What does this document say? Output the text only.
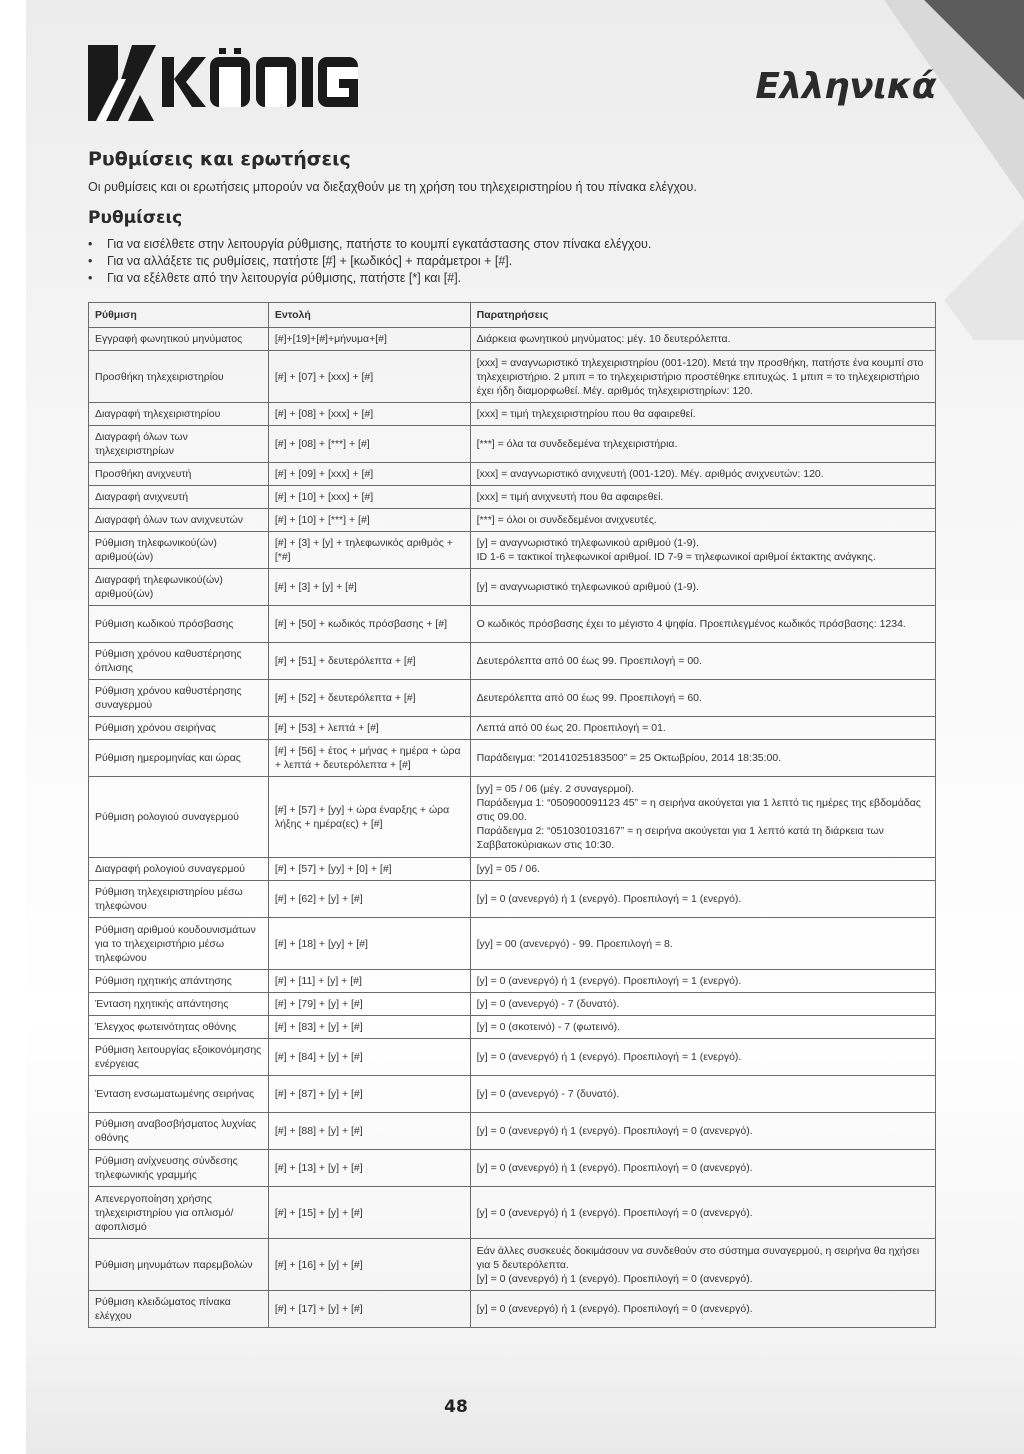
Ελληνικά
Ρυθμίσεις και ερωτήσεις
Οι ρυθμίσεις και οι ερωτήσεις μπορούν να διεξαχθούν με τη χρήση του τηλεχειριστηρίου ή του πίνακα ελέγχου.
Ρυθμίσεις
• Για να εισέλθετε στην λειτουργία ρύθμισης, πατήστε το κουμπί εγκατάστασης στον πίνακα ελέγχου.
• Για να αλλάξετε τις ρυθμίσεις, πατήστε [#] + [κωδικός] + παράμετροι + [#].
• Για να εξέλθετε από την λειτουργία ρύθμισης, πατήστε [*] και [#].
Ρύθμιση	Εντολή	Παρατηρήσεις
Εγγραφή φωνητικού μηνύματος	[#]+[19]+[#]+μήνυμα+[#]	Διάρκεια φωνητικού μηνύματος: μέγ. 10 δευτερόλεπτα.
Προσθήκη τηλεχειριστηρίου	[#] + [07] + [xxx] + [#]	[xxx] = αναγνωριστικό τηλεχειριστηρίου (001-120). Μετά την προσθήκη, πατήστε ένα κουμπί στο τηλεχειριστήριο. 2 μπιπ = το τηλεχειριστήριο προστέθηκε επιτυχώς. 1 μπιπ = το τηλεχειριστήριο έχει ήδη διαμορφωθεί. Μέγ. αριθμός τηλεχειριστηρίων: 120.
Διαγραφή τηλεχειριστηρίου	[#] + [08] + [xxx] + [#]	[xxx] = τιμή τηλεχειριστηρίου που θα αφαιρεθεί.
Διαγραφή όλων των τηλεχειριστηρίων	[#] + [08] + [***] + [#]	[***] = όλα τα συνδεδεμένα τηλεχειριστήρια.
Προσθήκη ανιχνευτή	[#] + [09] + [xxx] + [#]	[xxx] = αναγνωριστικό ανιχνευτή (001-120). Μέγ. αριθμός ανιχνευτών: 120.
Διαγραφή ανιχνευτή	[#] + [10] + [xxx] + [#]	[xxx] = τιμή ανιχνευτή που θα αφαιρεθεί.
Διαγραφή όλων των ανιχνευτών	[#] + [10] + [***] + [#]	[***] = όλοι οι συνδεδεμένοι ανιχνευτές.
Ρύθμιση τηλεφωνικού(ών) αριθμού(ών)	[#] + [3] + [y] + τηλεφωνικός αριθμός + [*#]	[y] = αναγνωριστικό τηλεφωνικού αριθμού (1-9).
ID 1-6 = τακτικοί τηλεφωνικοί αριθμοί. ID 7-9 = τηλεφωνικοί αριθμοί έκτακτης ανάγκης.
Διαγραφή τηλεφωνικού(ών) αριθμού(ών)	[#] + [3] + [y] + [#]	[y] = αναγνωριστικό τηλεφωνικού αριθμού (1-9).
Ρύθμιση κωδικού πρόσβασης	[#] + [50] + κωδικός πρόσβασης + [#]	Ο κωδικός πρόσβασης έχει το μέγιστο 4 ψηφία. Προεπιλεγμένος κωδικός πρόσβασης: 1234.
Ρύθμιση χρόνου καθυστέρησης όπλισης	[#] + [51] + δευτερόλεπτα + [#]	Δευτερόλεπτα από 00 έως 99. Προεπιλογή = 00.
Ρύθμιση χρόνου καθυστέρησης συναγερμού	[#] + [52] + δευτερόλεπτα + [#]	Δευτερόλεπτα από 00 έως 99. Προεπιλογή = 60.
Ρύθμιση χρόνου σειρήνας	[#] + [53] + λεπτά + [#]	Λεπτά από 00 έως 20. Προεπιλογή = 01.
Ρύθμιση ημερομηνίας και ώρας	[#] + [56] + έτος + μήνας + ημέρα + ώρα + λεπτά + δευτερόλεπτα + [#]	Παράδειγμα: “20141025183500” = 25 Οκτωβρίου, 2014 18:35:00.
Ρύθμιση ρολογιού συναγερμού	[#] + [57] + [yy] + ώρα έναρξης + ώρα λήξης + ημέρα(ες) + [#]	[yy] = 05 / 06 (μέγ. 2 συναγερμοί).
Παράδειγμα 1: “050900091123 45” = η σειρήνα ακούγεται για 1 λεπτό τις ημέρες της εβδομάδας στις 09.00.
Παράδειγμα 2: “051030103167” = η σειρήνα ακούγεται για 1 λεπτό κατά τη διάρκεια των Σαββατοκύριακων στις 10:30.
Διαγραφή ρολογιού συναγερμού	[#] + [57] + [yy] + [0] + [#]	[yy] = 05 / 06.
Ρύθμιση τηλεχειριστηρίου μέσω τηλεφώνου	[#] + [62] + [y] + [#]	[y] = 0 (ανενεργό) ή 1 (ενεργό). Προεπιλογή = 1 (ενεργό).
Ρύθμιση αριθμού κουδουνισμάτων για το τηλεχειριστήριο μέσω τηλεφώνου	[#] + [18] + [yy] + [#]	[yy] = 00 (ανενεργό) - 99. Προεπιλογή = 8.
Ρύθμιση ηχητικής απάντησης	[#] + [11] + [y] + [#]	[y] = 0 (ανενεργό) ή 1 (ενεργό). Προεπιλογή = 1 (ενεργό).
Ένταση ηχητικής απάντησης	[#] + [79] + [y] + [#]	[y] = 0 (ανενεργό) - 7 (δυνατό).
Έλεγχος φωτεινότητας οθόνης	[#] + [83] + [y] + [#]	[y] = 0 (σκοτεινό) - 7 (φωτεινό).
Ρύθμιση λειτουργίας εξοικονόμησης ενέργειας	[#] + [84] + [y] + [#]	[y] = 0 (ανενεργό) ή 1 (ενεργό). Προεπιλογή = 1 (ενεργό).
Ένταση ενσωματωμένης σειρήνας	[#] + [87] + [y] + [#]	[y] = 0 (ανενεργό) - 7 (δυνατό).
Ρύθμιση αναβοσβήσματος λυχνίας οθόνης	[#] + [88] + [y] + [#]	[y] = 0 (ανενεργό) ή 1 (ενεργό). Προεπιλογή = 0 (ανενεργό).
Ρύθμιση ανίχνευσης σύνδεσης τηλεφωνικής γραμμής	[#] + [13] + [y] + [#]	[y] = 0 (ανενεργό) ή 1 (ενεργό). Προεπιλογή = 0 (ανενεργό).
Απενεργοποίηση χρήσης τηλεχειριστηρίου για οπλισμό/αφοπλισμό	[#] + [15] + [y] + [#]	[y] = 0 (ανενεργό) ή 1 (ενεργό). Προεπιλογή = 0 (ανενεργό).
Ρύθμιση μηνυμάτων παρεμβολών	[#] + [16] + [y] + [#]	Εάν άλλες συσκευές δοκιμάσουν να συνδεθούν στο σύστημα συναγερμού, η σειρήνα θα ηχήσει για 5 δευτερόλεπτα.
[y] = 0 (ανενεργό) ή 1 (ενεργό). Προεπιλογή = 0 (ανενεργό).
Ρύθμιση κλειδώματος πίνακα ελέγχου	[#] + [17] + [y] + [#]	[y] = 0 (ανενεργό) ή 1 (ενεργό). Προεπιλογή = 0 (ανενεργό).
48
